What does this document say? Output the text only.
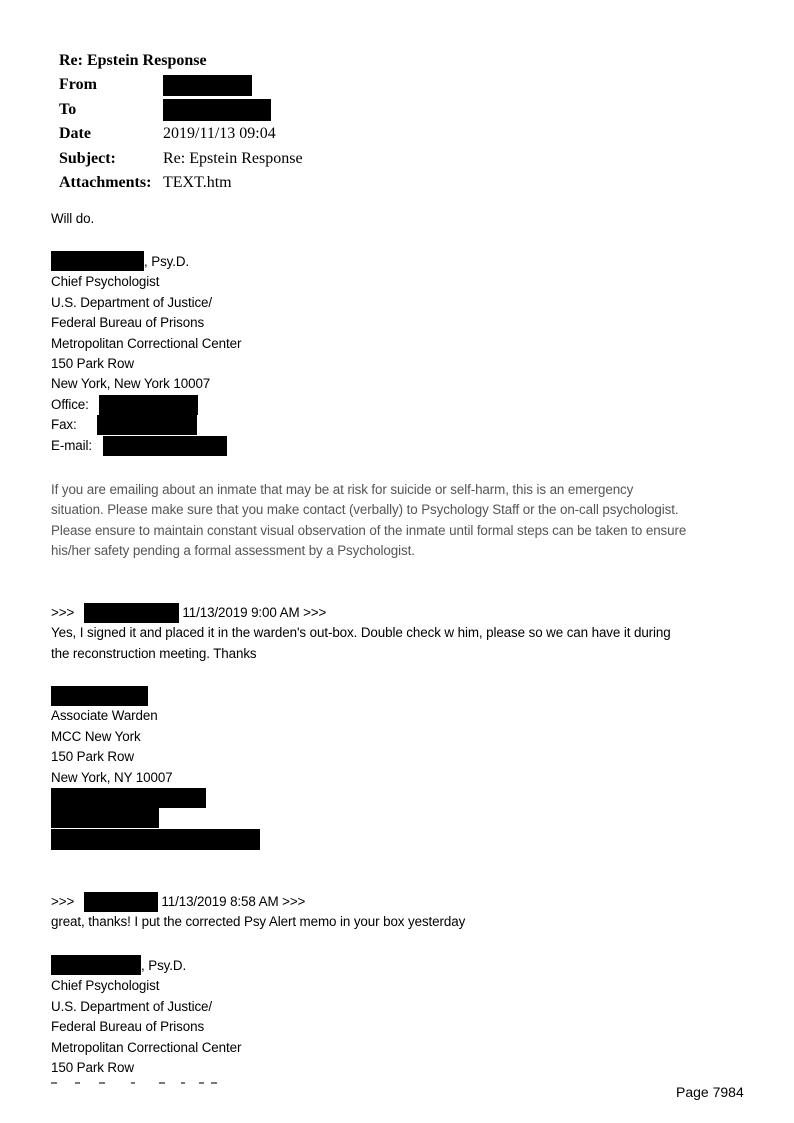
Re: Epstein Response
From
To
Date	2019/11/13 09:04
Subject:	Re: Epstein Response
Attachments: TEXT.htm
Will do.
, Psy.D.
Chief Psychologist
U.S. Department of Justice/
Federal Bureau of Prisons
Metropolitan Correctional Center
150 Park Row
New York, New York 10007
Office:
Fax:
E-mail:
If you are emailing about an inmate that may be at risk for suicide or self-harm, this is an emergency
situation. Please make sure that you make contact (verbally) to Psychology Staff or the on-call psychologist.
Please ensure to maintain constant visual observation of the inmate until formal steps can be taken to ensure
his/her safety pending a formal assessment by a Psychologist.
>>>	11/13/2019 9:00 AM >>>
Yes, I signed it and placed it in the warden's out-box. Double check w him, please so we can have it during
the reconstruction meeting. Thanks
Associate Warden
MCC New York
150 Park Row
New York, NY 10007
>>>	11/13/2019 8:58 AM >>>
great, thanks! I put the corrected Psy Alert memo in your box yesterday
, Psy.D.
Chief Psychologist
U.S. Department of Justice/
Federal Bureau of Prisons
Metropolitan Correctional Center
150 Park Row
Page 7984
